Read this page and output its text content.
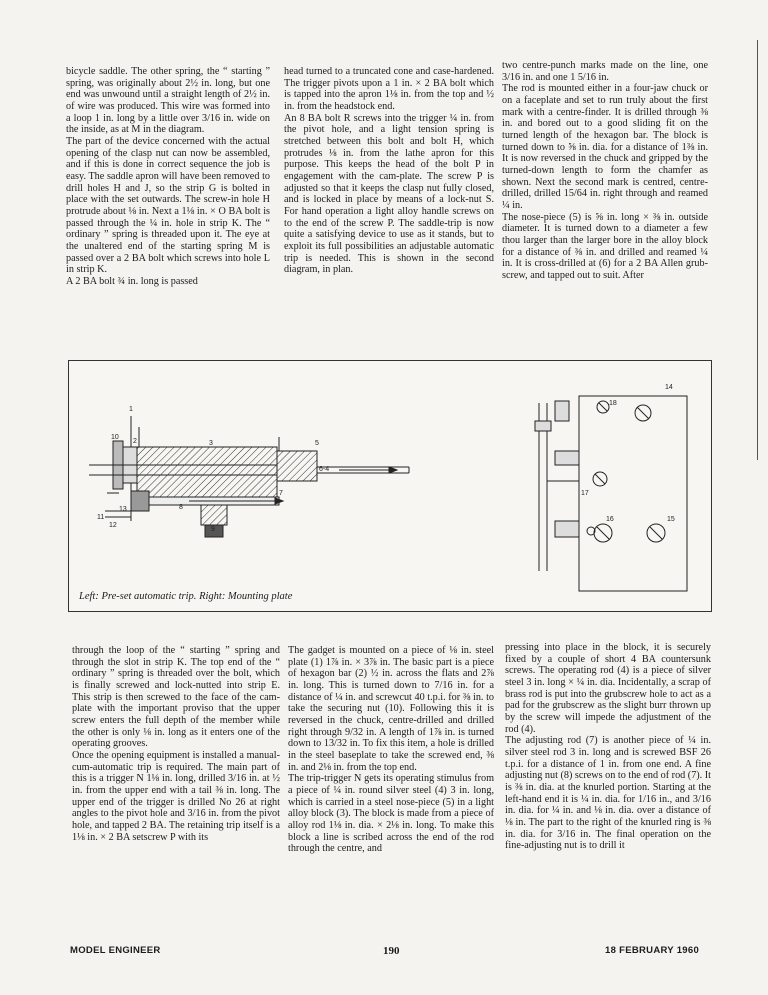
bicycle saddle. The other spring, the “ starting ” spring, was originally about 2½ in. long, but one end was unwound until a straight length of 2½ in. of wire was produced. This wire was formed into a loop 1 in. long by a little over 3/16 in. wide on the inside, as at M in the diagram.
The part of the device concerned with the actual opening of the clasp nut can now be assembled, and if this is done in correct sequence the job is easy. The saddle apron will have been removed to drill holes H and J, so the strip G is bolted in place with the set outwards. The screw-in hole H protrude about ⅛ in. Next a 1⅛ in. × O BA bolt is passed through the ¼ in. hole in strip K. The “ ordinary ” spring is threaded upon it. The eye at the unaltered end of the starting spring M is passed over a 2 BA bolt which screws into hole L in strip K.
A 2 BA bolt ¾ in. long is passed
head turned to a truncated cone and case-hardened. The trigger pivots upon a 1 in. × 2 BA bolt which is tapped into the apron 1⅛ in. from the top and ½ in. from the headstock end.
An 8 BA bolt R screws into the trigger ¼ in. from the pivot hole, and a light tension spring is stretched between this bolt and bolt H, which protrudes ⅛ in. from the lathe apron for this purpose. This keeps the head of the bolt P in engagement with the cam-plate. The screw P is adjusted so that it keeps the clasp nut fully closed, and is locked in place by means of a lock-nut S. For hand operation a light alloy handle screws on to the end of the screw P. The saddle-trip is now quite a satisfying device to use as it stands, but to exploit its full possibilities an adjustable automatic trip is needed. This is shown in the second diagram, in plan.
two centre-punch marks made on the line, one 3/16 in. and one 1 5/16 in.
The rod is mounted either in a four-jaw chuck or on a faceplate and set to run truly about the first mark with a centre-finder. It is drilled through ⅜ in. and bored out to a good sliding fit on the turned length of the hexagon bar. The block is turned down to ⅝ in. dia. for a distance of 1⅜ in. It is now reversed in the chuck and gripped by the turned-down length to form the chamfer as shown. Next the second mark is centred, centre-drilled, drilled 15/64 in. right through and reamed ¼ in.
The nose-piece (5) is ⅝ in. long × ⅜ in. outside diameter. It is turned down to a diameter a few thou larger than the larger bore in the alloy block for a distance of ⅜ in. and drilled and reamed ¼ in. It is cross-drilled at (6) for a 2 BA Allen grub-screw, and tapped out to suit. After
1
10
2	3	5
6-4
7
8
9
11
12
13
14
15
16
17
18
Left: Pre-set automatic trip. Right: Mounting plate
through the loop of the “ starting ” spring and through the slot in strip K. The top end of the “ ordinary ” spring is threaded over the bolt, which is finally screwed and lock-nutted into strip E. This strip is then screwed to the face of the cam-plate with the important proviso that the upper screw enters the full depth of the member while the other is only ⅛ in. long as it enters one of the operating grooves.
Once the opening equipment is installed a manual-cum-automatic trip is required. The main part of this is a trigger N 1⅛ in. long, drilled 3/16 in. at ½ in. from the upper end with a tail ⅜ in. long. The upper end of the trigger is drilled No 26 at right angles to the pivot hole and 3/16 in. from the pivot hole, and tapped 2 BA. The retaining trip itself is a 1⅛ in. × 2 BA setscrew P with its
The gadget is mounted on a piece of ⅛ in. steel plate (1) 1⅞ in. × 3⅞ in. The basic part is a piece of hexagon bar (2) ½ in. across the flats and 2⅞ in. long. This is turned down to 7/16 in. for a distance of ¼ in. and screwcut 40 t.p.i. for ⅜ in. to take the securing nut (10). Following this it is reversed in the chuck, centre-drilled and drilled right through 9/32 in. A length of 1⅞ in. is turned down to 13/32 in. To fix this item, a hole is drilled in the steel baseplate to take the screwed end, ⅜ in. and 2⅛ in. from the top end.
The trip-trigger N gets its operating stimulus from a piece of ¼ in. round silver steel (4) 3 in. long, which is carried in a steel nose-piece (5) in a light alloy block (3). The block is made from a piece of alloy rod 1⅛ in. dia. × 2⅛ in. long. To make this block a line is scribed across the end of the rod through the centre, and
pressing into place in the block, it is securely fixed by a couple of short 4 BA countersunk screws. The operating rod (4) is a piece of silver steel 3 in. long × ¼ in. dia. Incidentally, a scrap of brass rod is put into the grubscrew hole to act as a pad for the grubscrew as the slight burr thrown up by the screw will impede the adjustment of the rod (4).
The adjusting rod (7) is another piece of ¼ in. silver steel rod 3 in. long and is screwed BSF 26 t.p.i. for a distance of 1 in. from one end. A fine adjusting nut (8) screws on to the end of rod (7). It is ⅜ in. dia. at the knurled portion. Starting at the left-hand end it is ¼ in. dia. for 1/16 in., and 3/16 in. dia. for ¼ in. and ⅛ in. dia. over a distance of ⅛ in. The part to the right of the knurled ring is ⅜ in. dia. for 3/16 in. The final operation on the fine-adjusting nut is to drill it
MODEL ENGINEER	190	18 FEBRUARY 1960
